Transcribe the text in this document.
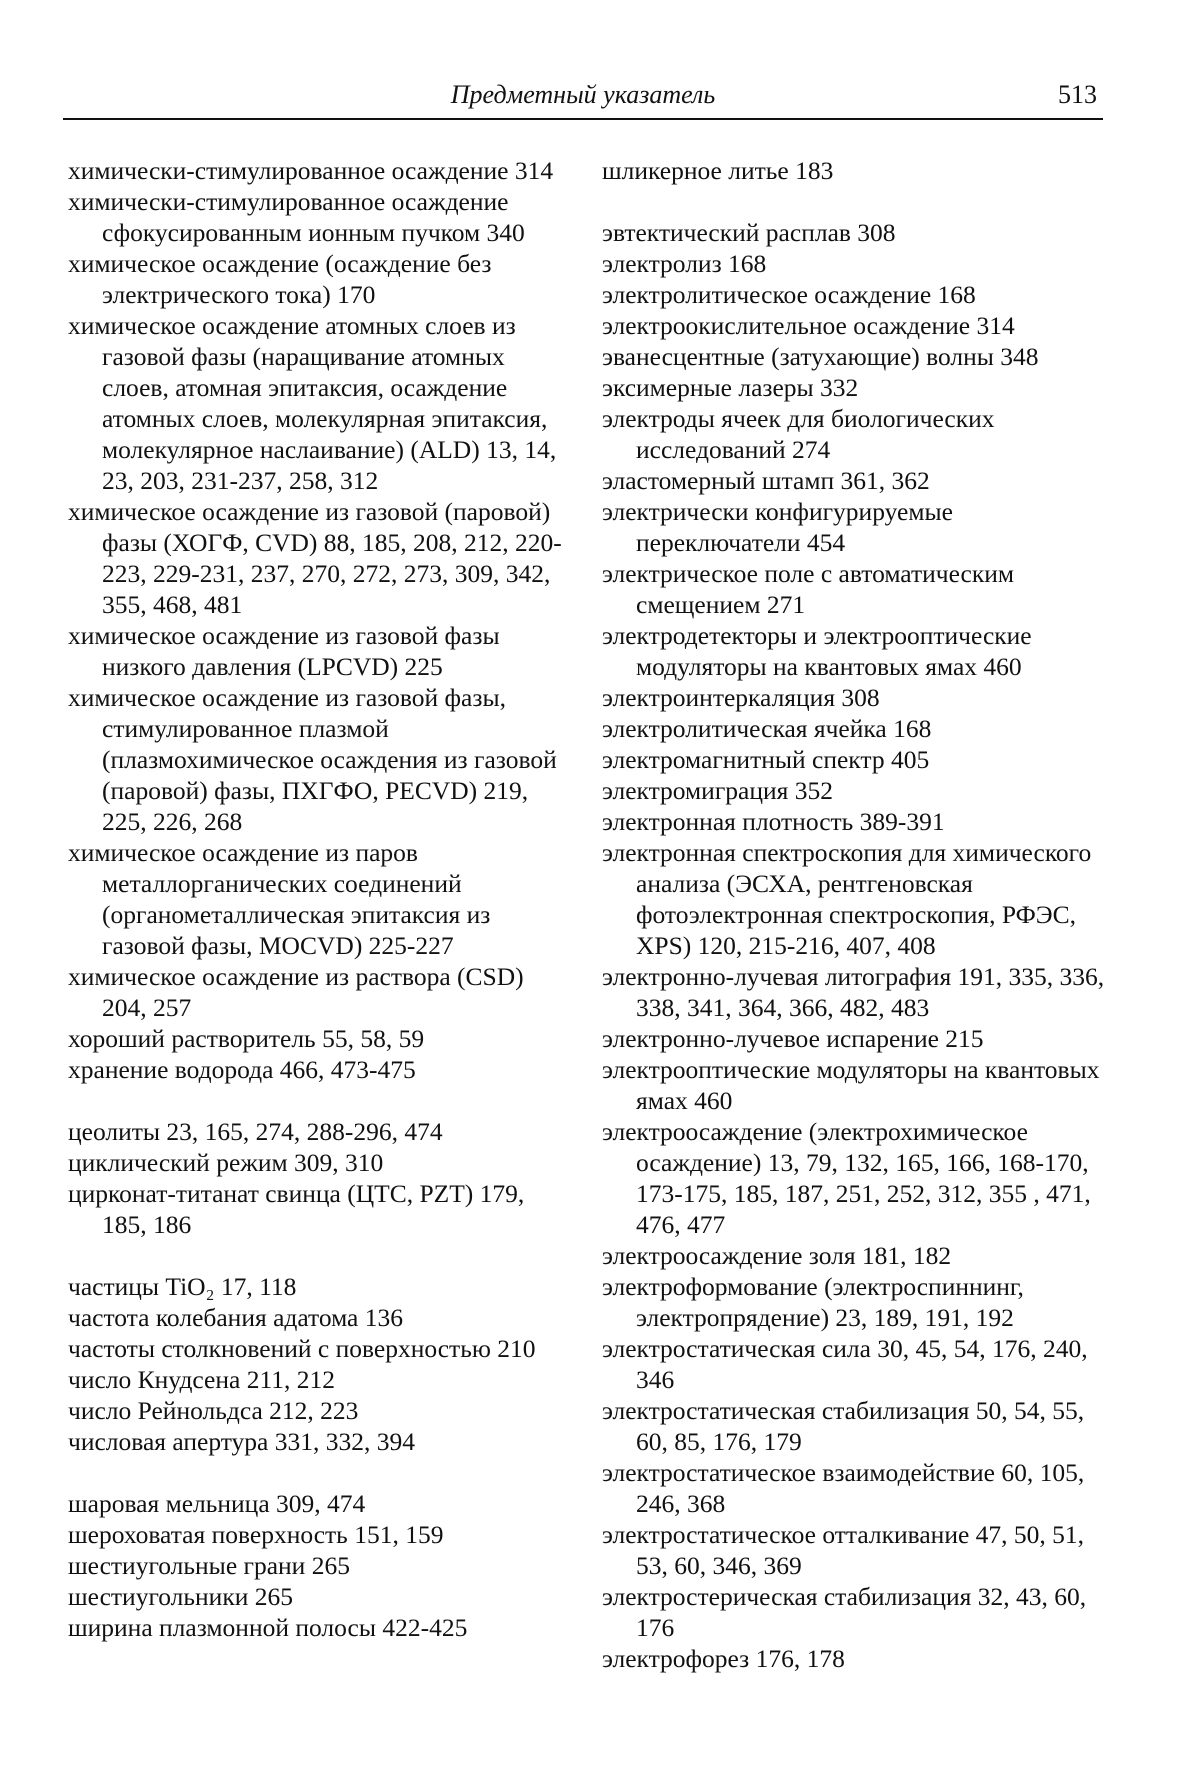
Предметный указатель	513

химически-стимулированное осаждение 314

химически-стимулированное осаждение сфокусированным ионным пучком 340

химическое осаждение (осаждение без электрического тока) 170

химическое осаждение атомных слоев из газовой фазы (наращивание атомных слоев, атомная эпитаксия, осаждение атомных слоев, молекулярная эпитаксия, молекулярное наслаивание) (ALD) 13, 14, 23, 203, 231-237, 258, 312

химическое осаждение из газовой (паровой) фазы (ХОГФ, CVD) 88, 185, 208, 212, 220-223, 229-231, 237, 270, 272, 273, 309, 342, 355, 468, 481

химическое осаждение из газовой фазы низкого давления (LPCVD) 225

химическое осаждение из газовой фазы, стимулированное плазмой (плазмохимическое осаждения из газовой (паровой) фазы, ПХГФО, PECVD) 219, 225, 226, 268

химическое осаждение из паров металлорганических соединений (органометаллическая эпитаксия из газовой фазы, MOCVD) 225-227

химическое осаждение из раствора (CSD) 204, 257

хороший растворитель 55, 58, 59

хранение водорода 466, 473-475

цеолиты 23, 165, 274, 288-296, 474

циклический режим 309, 310

цирконат-титанат свинца (ЦТС, PZT) 179, 185, 186

частицы TiO₂ 17, 118

частота колебания адатома 136

частоты столкновений с поверхностью 210

число Кнудсена 211, 212

число Рейнольдса 212, 223

числовая апертура 331, 332, 394

шаровая мельница 309, 474

шероховатая поверхность 151, 159

шестиугольные грани 265

шестиугольники 265

ширина плазмонной полосы 422-425

шликерное литье 183

эвтектический расплав 308

электролиз 168

электролитическое осаждение 168

электроокислительное осаждение 314

эванесцентные (затухающие) волны 348

эксимерные лазеры 332

электроды ячеек для биологических исследований 274

эластомерный штамп 361, 362

электрически конфигурируемые переключатели 454

электрическое поле с автоматическим смещением 271

электродетекторы и электрооптические модуляторы на квантовых ямах 460

электроинтеркаляция 308

электролитическая ячейка 168

электромагнитный спектр 405

электромиграция 352

электронная плотность 389-391

электронная спектроскопия для химического анализа (ЭСХА, рентгеновская фотоэлектронная спектроскопия, РФЭС, XPS) 120, 215-216, 407, 408

электронно-лучевая литография 191, 335, 336, 338, 341, 364, 366, 482, 483

электронно-лучевое испарение 215

электрооптические модуляторы на квантовых ямах 460

электроосаждение (электрохимическое осаждение) 13, 79, 132, 165, 166, 168-170, 173-175, 185, 187, 251, 252, 312, 355 , 471, 476, 477

электроосаждение золя 181, 182

электроформование (электроспиннинг, электропрядение) 23, 189, 191, 192

электростатическая сила 30, 45, 54, 176, 240, 346

электростатическая стабилизация 50, 54, 55, 60, 85, 176, 179

электростатическое взаимодействие 60, 105, 246, 368

электростатическое отталкивание 47, 50, 51, 53, 60, 346, 369

электростерическая стабилизация 32, 43, 60, 176

электрофорез 176, 178
